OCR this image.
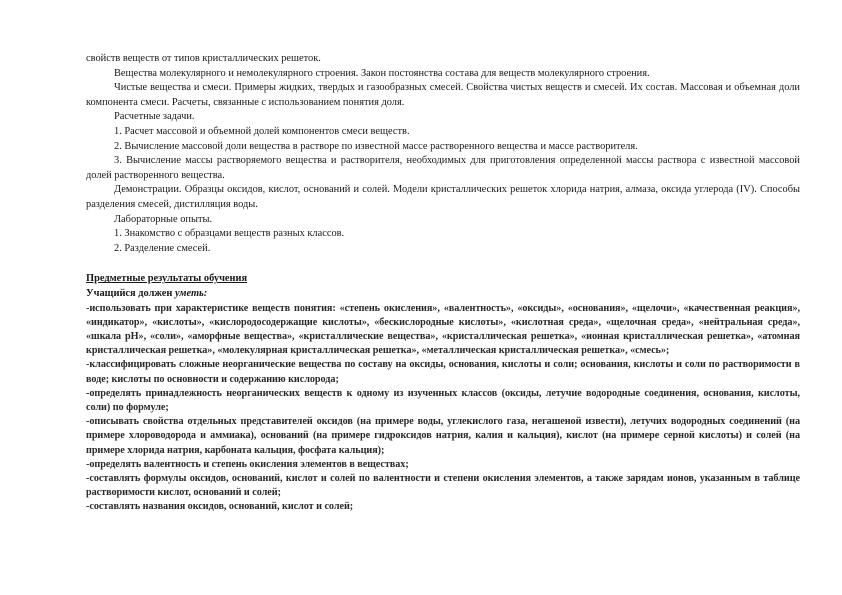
свойств веществ от типов кристаллических решеток.

Вещества молекулярного и немолекулярного строения. Закон постоянства состава для веществ молекулярного строения.

Чистые вещества и смеси. Примеры жидких, твердых и газообразных смесей. Свойства чистых веществ и смесей. Их состав. Массовая и объемная доли компонента смеси. Расчеты, связанные с использованием понятия доля.

Расчетные задачи.

1. Расчет массовой и объемной долей компонентов смеси веществ.

2. Вычисление массовой доли вещества в растворе по известной массе растворенного вещества и массе растворителя.

3. Вычисление массы растворяемого вещества и растворителя, необходимых для приготовления определенной массы раствора с известной массовой долей растворенного вещества.

Демонстрации. Образцы оксидов, кислот, оснований и солей. Модели кристаллических решеток хлорида натрия, алмаза, оксида углерода (IV). Способы разделения смесей, дистилляция воды.

Лабораторные опыты.

1. Знакомство с образцами веществ разных классов.

2. Разделение смесей.

Предметные результаты обучения

Учащийся должен уметь:

-использовать при характеристике веществ понятия: «степень окисления», «валентность», «оксиды», «основания», «щелочи», «качественная реакция», «индикатор», «кислоты», «кислородосодержащие кислоты», «бескислородные кислоты», «кислотная среда», «щелочная среда», «нейтральная среда», «шкала рН», «соли», «аморфные вещества», «кристаллические вещества», «кристаллическая решетка», «ионная кристаллическая решетка», «атомная кристаллическая решетка», «молекулярная кристаллическая решетка», «металлическая кристаллическая решетка», «смесь»;

-классифицировать сложные неорганические вещества по составу на оксиды, основания, кислоты и соли; основания, кислоты и соли по растворимости в воде; кислоты по основности и содержанию кислорода;

-определять принадлежность неорганических веществ к одному из изученных классов (оксиды, летучие водородные соединения, основания, кислоты, соли) по формуле;

-описывать свойства отдельных представителей оксидов (на примере воды, углекислого газа, негашеной извести), летучих водородных соединений (на примере хлороводорода и аммиака), оснований (на примере гидроксидов натрия, калия и кальция), кислот (на примере серной кислоты) и солей (на примере хлорида натрия, карбоната кальция, фосфата кальция);

-определять валентность и степень окисления элементов в веществах;

-составлять формулы оксидов, оснований, кислот и солей по валентности и степени окисления элементов, а также зарядам ионов, указанным в таблице растворимости кислот, оснований и солей;

-составлять названия оксидов, оснований, кислот и солей;
